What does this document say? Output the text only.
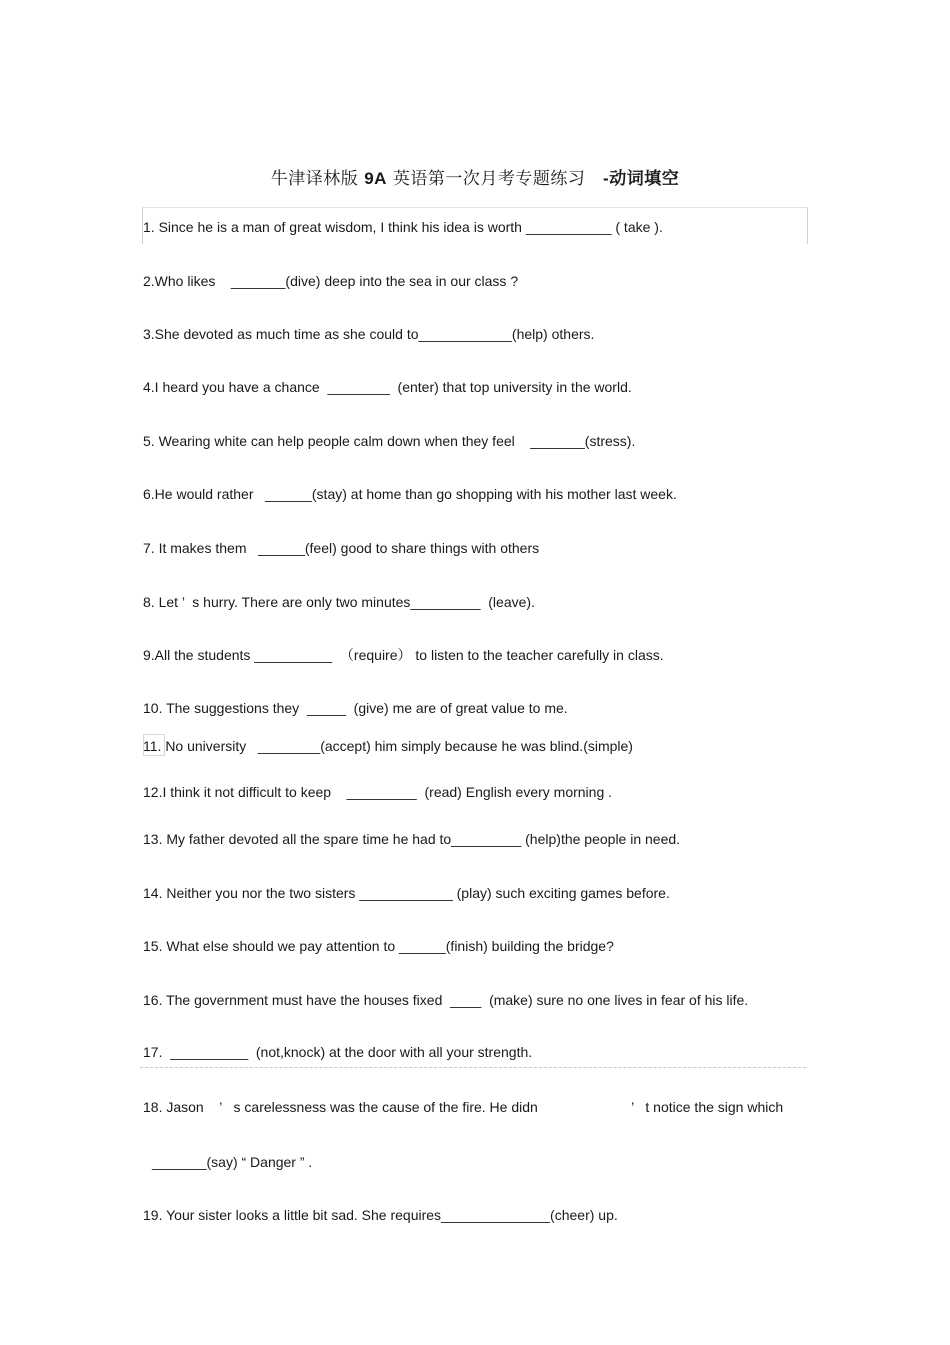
牛津译林版 9A 英语第一次月考专题练习 -动词填空
1. Since he is a man of great wisdom, I think his idea is worth ___________ ( take ).
2.Who likes    _______(dive) deep into the sea in our class ?
3.She devoted as much time as she could to____________(help) others.
4.I heard you have a chance  ________  (enter) that top university in the world.
5. Wearing white can help people calm down when they feel    _______(stress).
6.He would rather   ______(stay) at home than go shopping with his mother last week.
7. It makes them   ______(feel) good to share things with others
8. Let ’  s hurry. There are only two minutes_________  (leave).
9.All the students __________  （require） to listen to the teacher carefully in class.
10. The suggestions they  _____  (give) me are of great value to me.
11. No university   ________(accept) him simply because he was blind.(simple)
12.I think it not difficult to keep    _________  (read) English every morning .
13. My father devoted all the spare time he had to_________ (help)the people in need.
14. Neither you nor the two sisters ____________ (play) such exciting games before.
15. What else should we pay attention to ______(finish) building the bridge?
16. The government must have the houses fixed  ____  (make) sure no one lives in fear of his life.
17.  __________  (not,knock) at the door with all your strength.
18. Jason    ’   s carelessness was the cause of the fire. He didn                        ’   t notice the sign which
_______(say) “ Danger ” .
19. Your sister looks a little bit sad. She requires______________(cheer) up.
